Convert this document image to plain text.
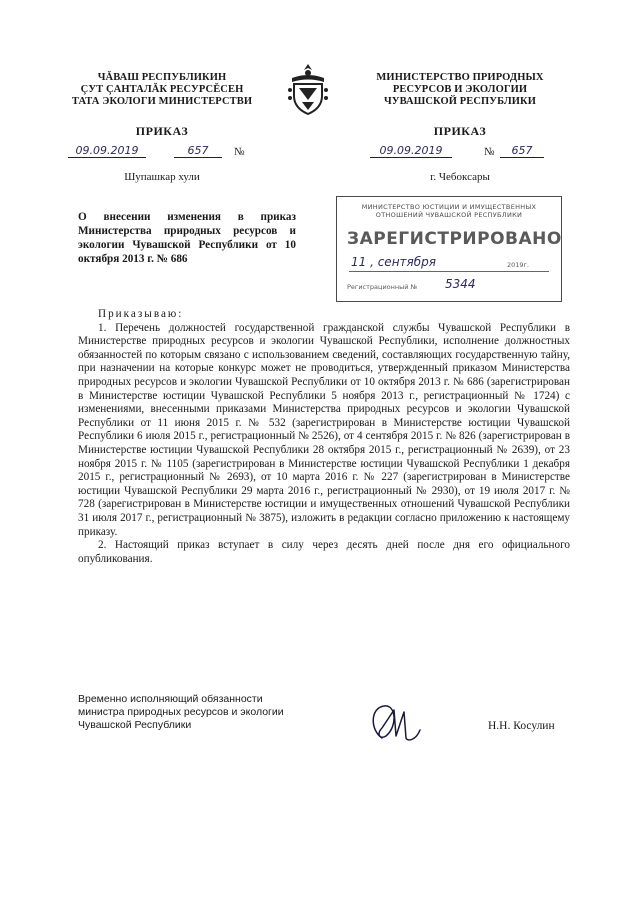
ЧĂВАШ РЕСПУБЛИКИН
ÇУТ ÇАНТАЛĂК РЕСУРСĔСЕН
ТАТА ЭКОЛОГИ МИНИСТЕРСТВИ
ПРИКАЗ
09.09.2019	657	№
Шупашкар хули
МИНИСТЕРСТВО ПРИРОДНЫХ
РЕСУРСОВ И ЭКОЛОГИИ
ЧУВАШСКОЙ РЕСПУБЛИКИ
ПРИКАЗ
09.09.2019	№	657
г. Чебоксары
О внесении изменения в приказ Министерства природных ресурсов и экологии Чувашской Республики от 10 октября 2013 г. № 686
МИНИСТЕРСТВО ЮСТИЦИИ И ИМУЩЕСТВЕННЫХ
ОТНОШЕНИЙ ЧУВАШСКОЙ РЕСПУБЛИКИ
ЗАРЕГИСТРИРОВАНО
11 , сентября	2019г.
Регистрационный № 5344

Приказываю:

1. Перечень должностей государственной гражданской службы Чувашской Республики в Министерстве природных ресурсов и экологии Чувашской Республики, исполнение должностных обязанностей по которым связано с использованием сведений, составляющих государственную тайну, при назначении на которые конкурс может не проводиться, утвержденный приказом Министерства природных ресурсов и экологии Чувашской Республики от 10 октября 2013 г. № 686 (зарегистрирован в Министерстве юстиции Чувашской Республики 5 ноября 2013 г., регистрационный № 1724) с изменениями, внесенными приказами Министерства природных ресурсов и экологии Чувашской Республики от 11 июня 2015 г. № 532 (зарегистрирован в Министерстве юстиции Чувашской Республики 6 июля 2015 г., регистрационный № 2526), от 4 сентября 2015 г. № 826 (зарегистрирован в Министерстве юстиции Чувашской Республики 28 октября 2015 г., регистрационный № 2639), от 23 ноября 2015 г. № 1105 (зарегистрирован в Министерстве юстиции Чувашской Республики 1 декабря 2015 г., регистрационный № 2693), от 10 марта 2016 г. № 227 (зарегистрирован в Министерстве юстиции Чувашской Республики 29 марта 2016 г., регистрационный № 2930), от 19 июля 2017 г. № 728 (зарегистрирован в Министерстве юстиции и имущественных отношений Чувашской Республики 31 июля 2017 г., регистрационный № 3875), изложить в редакции согласно приложению к настоящему приказу.

2. Настоящий приказ вступает в силу через десять дней после дня его официального опубликования.

Временно исполняющий обязанности
министра природных ресурсов и экологии
Чувашской Республики	Н.Н. Косулин
